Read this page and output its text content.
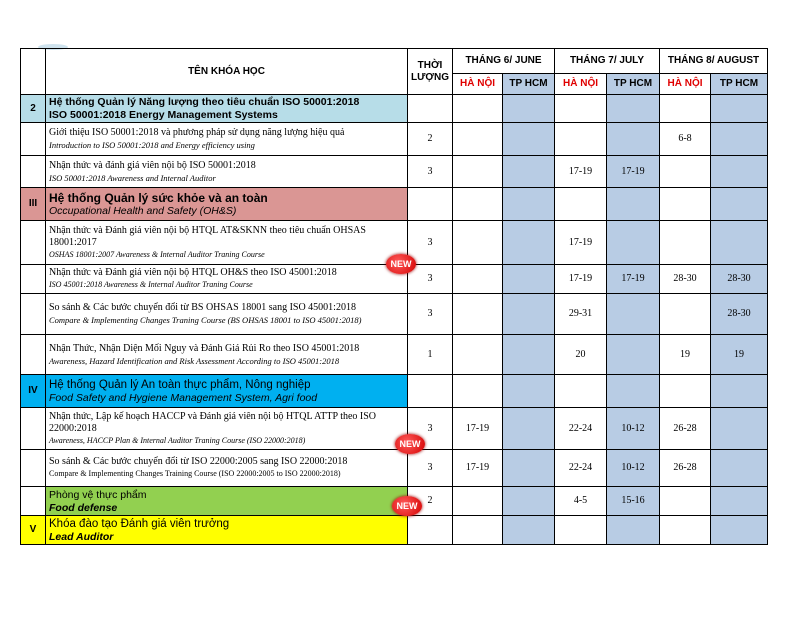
	TÊN KHÓA HỌC	THỜI
LƯỢNG	THÁNG 6/ JUNE		THÁNG 7/ JULY		THÁNG 8/ AUGUST	
			HÀ NỘI	TP HCM	HÀ NỘI	TP HCM	HÀ NỘI	TP HCM
2	Hệ thống Quản lý Năng lượng theo tiêu chuẩn ISO 50001:2018
ISO 50001:2018 Energy Management Systems							

	Giới thiệu ISO 50001:2018 và phương pháp sử dụng năng lượng hiệu quả
Introduction to ISO 50001:2018 and Energy efficiency using	2					6-8	

	Nhận thức và đánh giá viên nội bộ ISO 50001:2018
ISO 50001:2018 Awareness and Internal Auditor	3			17-19	17-19		
III	Hệ thống Quản lý sức khỏe và an toàn
Occupational Health and Safety (OH&S)							

	Nhận thức và Đánh giá viên nội bộ HTQL AT&SKNN theo tiêu chuẩn OHSAS 18001:2017
OSHAS 18001:2007 Awareness & Internal Auditor Traning Course	3			17-19			

	Nhận thức và Đánh giá viên nội bộ HTQL OH&S theo ISO 45001:2018
ISO 45001:2018 Awareness & Internal Auditor Traning Course	3			17-19	17-19	28-30	28-30

	So sánh & Các bước chuyển đổi từ BS OHSAS 18001 sang ISO 45001:2018
Compare & Implementing Changes Traning Course (BS OHSAS 18001 to ISO 45001:2018)	3			29-31			28-30

	Nhận Thức, Nhận Diện Mối Nguy và Đánh Giá Rủi Ro theo ISO 45001:2018
Awareness, Hazard Identification and Risk Assessment According to ISO 45001:2018	1			20		19	19
IV	Hệ thống Quản lý An toàn thực phẩm, Nông nghiệp
Food Safety and Hygiene Management System, Agri food							

	Nhận thức, Lập kế hoạch HACCP và Đánh giá viên nội bộ HTQL ATTP theo ISO 22000:2018
Awareness, HACCP Plan & Internal Auditor Traning Course (ISO 22000:2018)	3	17-19		22-24	10-12	26-28	

	So sánh & Các bước chuyển đổi từ ISO 22000:2005 sang ISO 22000:2018
Compare & Implementing Changes Training Course (ISO 22000:2005 to ISO 22000:2018)	3	17-19		22-24	10-12	26-28	

	Phòng vệ thực phẩm
Food defense	2			4-5	15-16		
V	Khóa đào tạo Đánh giá viên trưởng
Lead Auditor							

NEW
NEW
NEW
